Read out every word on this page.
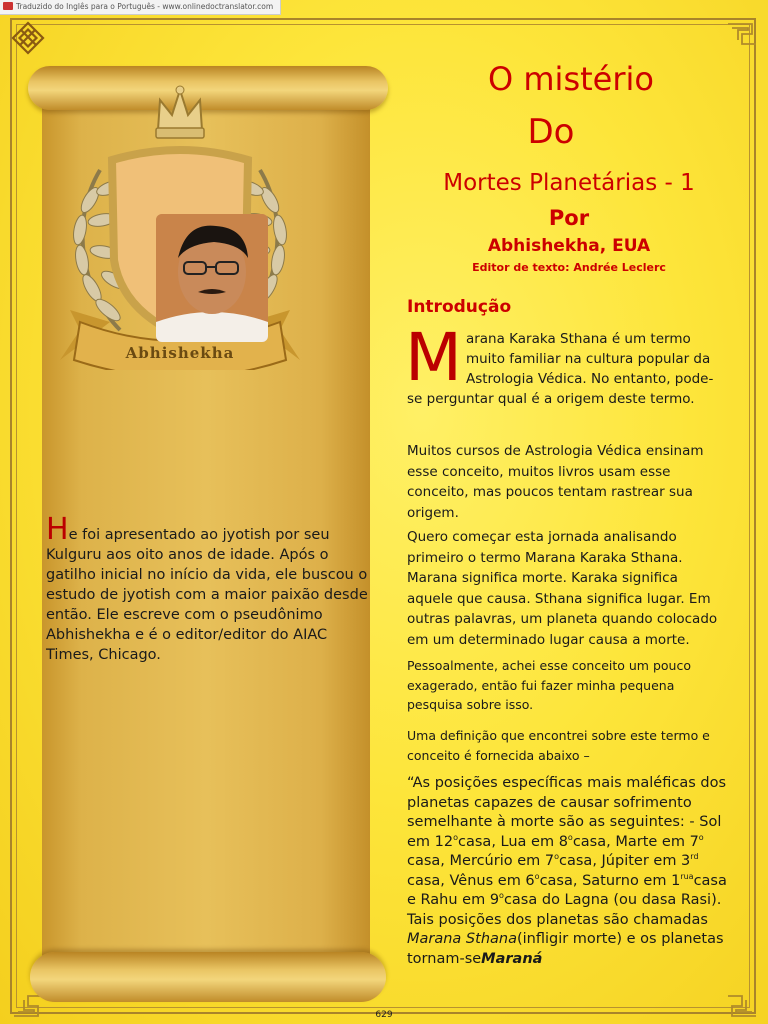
Traduzido do Inglês para o Português - www.onlinedoctranslator.com
Abhishekha
He foi apresentado ao jyotish por seu Kulguru aos oito anos de idade. Após o gatilho inicial no início da vida, ele buscou o estudo de jyotish com a maior paixão desde então. Ele escreve com o pseudônimo Abhishekha e é o editor/editor do AIAC Times, Chicago.
O mistério
Do
Mortes Planetárias - 1
Por
Abhishekha, EUA
Editor de texto: Andrée Leclerc
Introdução
Marana Karaka Sthana é um termo muito familiar na cultura popular da Astrologia Védica. No entanto, pode-se perguntar qual é a origem deste termo.
Muitos cursos de Astrologia Védica ensinam esse conceito, muitos livros usam esse conceito, mas poucos tentam rastrear sua origem.
Quero começar esta jornada analisando primeiro o termo Marana Karaka Sthana. Marana significa morte. Karaka significa aquele que causa. Sthana significa lugar. Em outras palavras, um planeta quando colocado em um determinado lugar causa a morte.
Pessoalmente, achei esse conceito um pouco exagerado, então fui fazer minha pequena pesquisa sobre isso.
Uma definição que encontrei sobre este termo e conceito é fornecida abaixo –
“As posições específicas mais maléficas dos planetas capazes de causar sofrimento semelhante à morte são as seguintes: - Sol em 12$^o$casa, Lua em 8$^o$casa, Marte em 7$^o$ casa, Mercúrio em 7$^o$casa, Júpiter em 3rd casa, Vênus em 6$^o$casa, Saturno em $1^{rua}casa$ e Rahu em 9$^o$casa do Lagna (ou dasa Rasi). Tais posições dos planetas são chamadas Marana Sthana(infligir morte) e os planetas tornam-seMaraná
629
